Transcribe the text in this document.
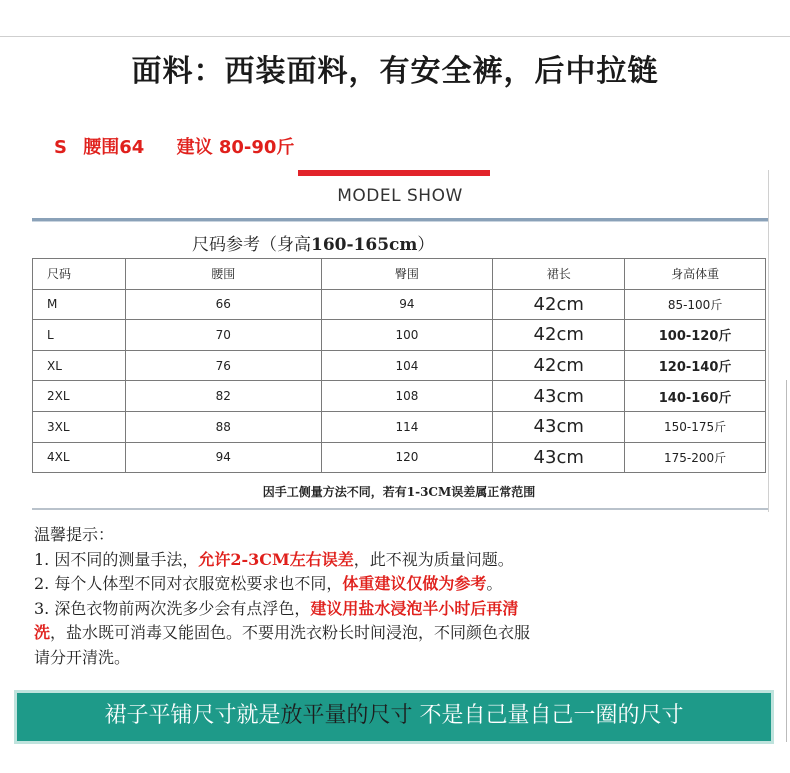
面料：西装面料，有安全裤，后中拉链
S 腰围64 建议 80-90斤
MODEL SHOW
尺码参考（身高160-165cm）
尺码	腰围	臀围	裙长	身高体重
M	66	94	42cm	85-100斤
L	70	100	42cm	100-120斤
XL	76	104	42cm	120-140斤
2XL	82	108	43cm	140-160斤
3XL	88	114	43cm	150-175斤
4XL	94	120	43cm	175-200斤
因手工侧量方法不同，若有1-3CM误差属正常范围

温馨提示：

1. 因不同的测量手法，允许2-3CM左右误差，此不视为质量问题。

2. 每个人体型不同对衣服宽松要求也不同，体重建议仅做为参考。

3. 深色衣物前两次洗多少会有点浮色，建议用盐水浸泡半小时后再清

洗，盐水既可消毒又能固色。不要用洗衣粉长时间浸泡，不同颜色衣服

请分开清洗。

裙子平铺尺寸就是放平量的尺寸 不是自己量自己一圈的尺寸
